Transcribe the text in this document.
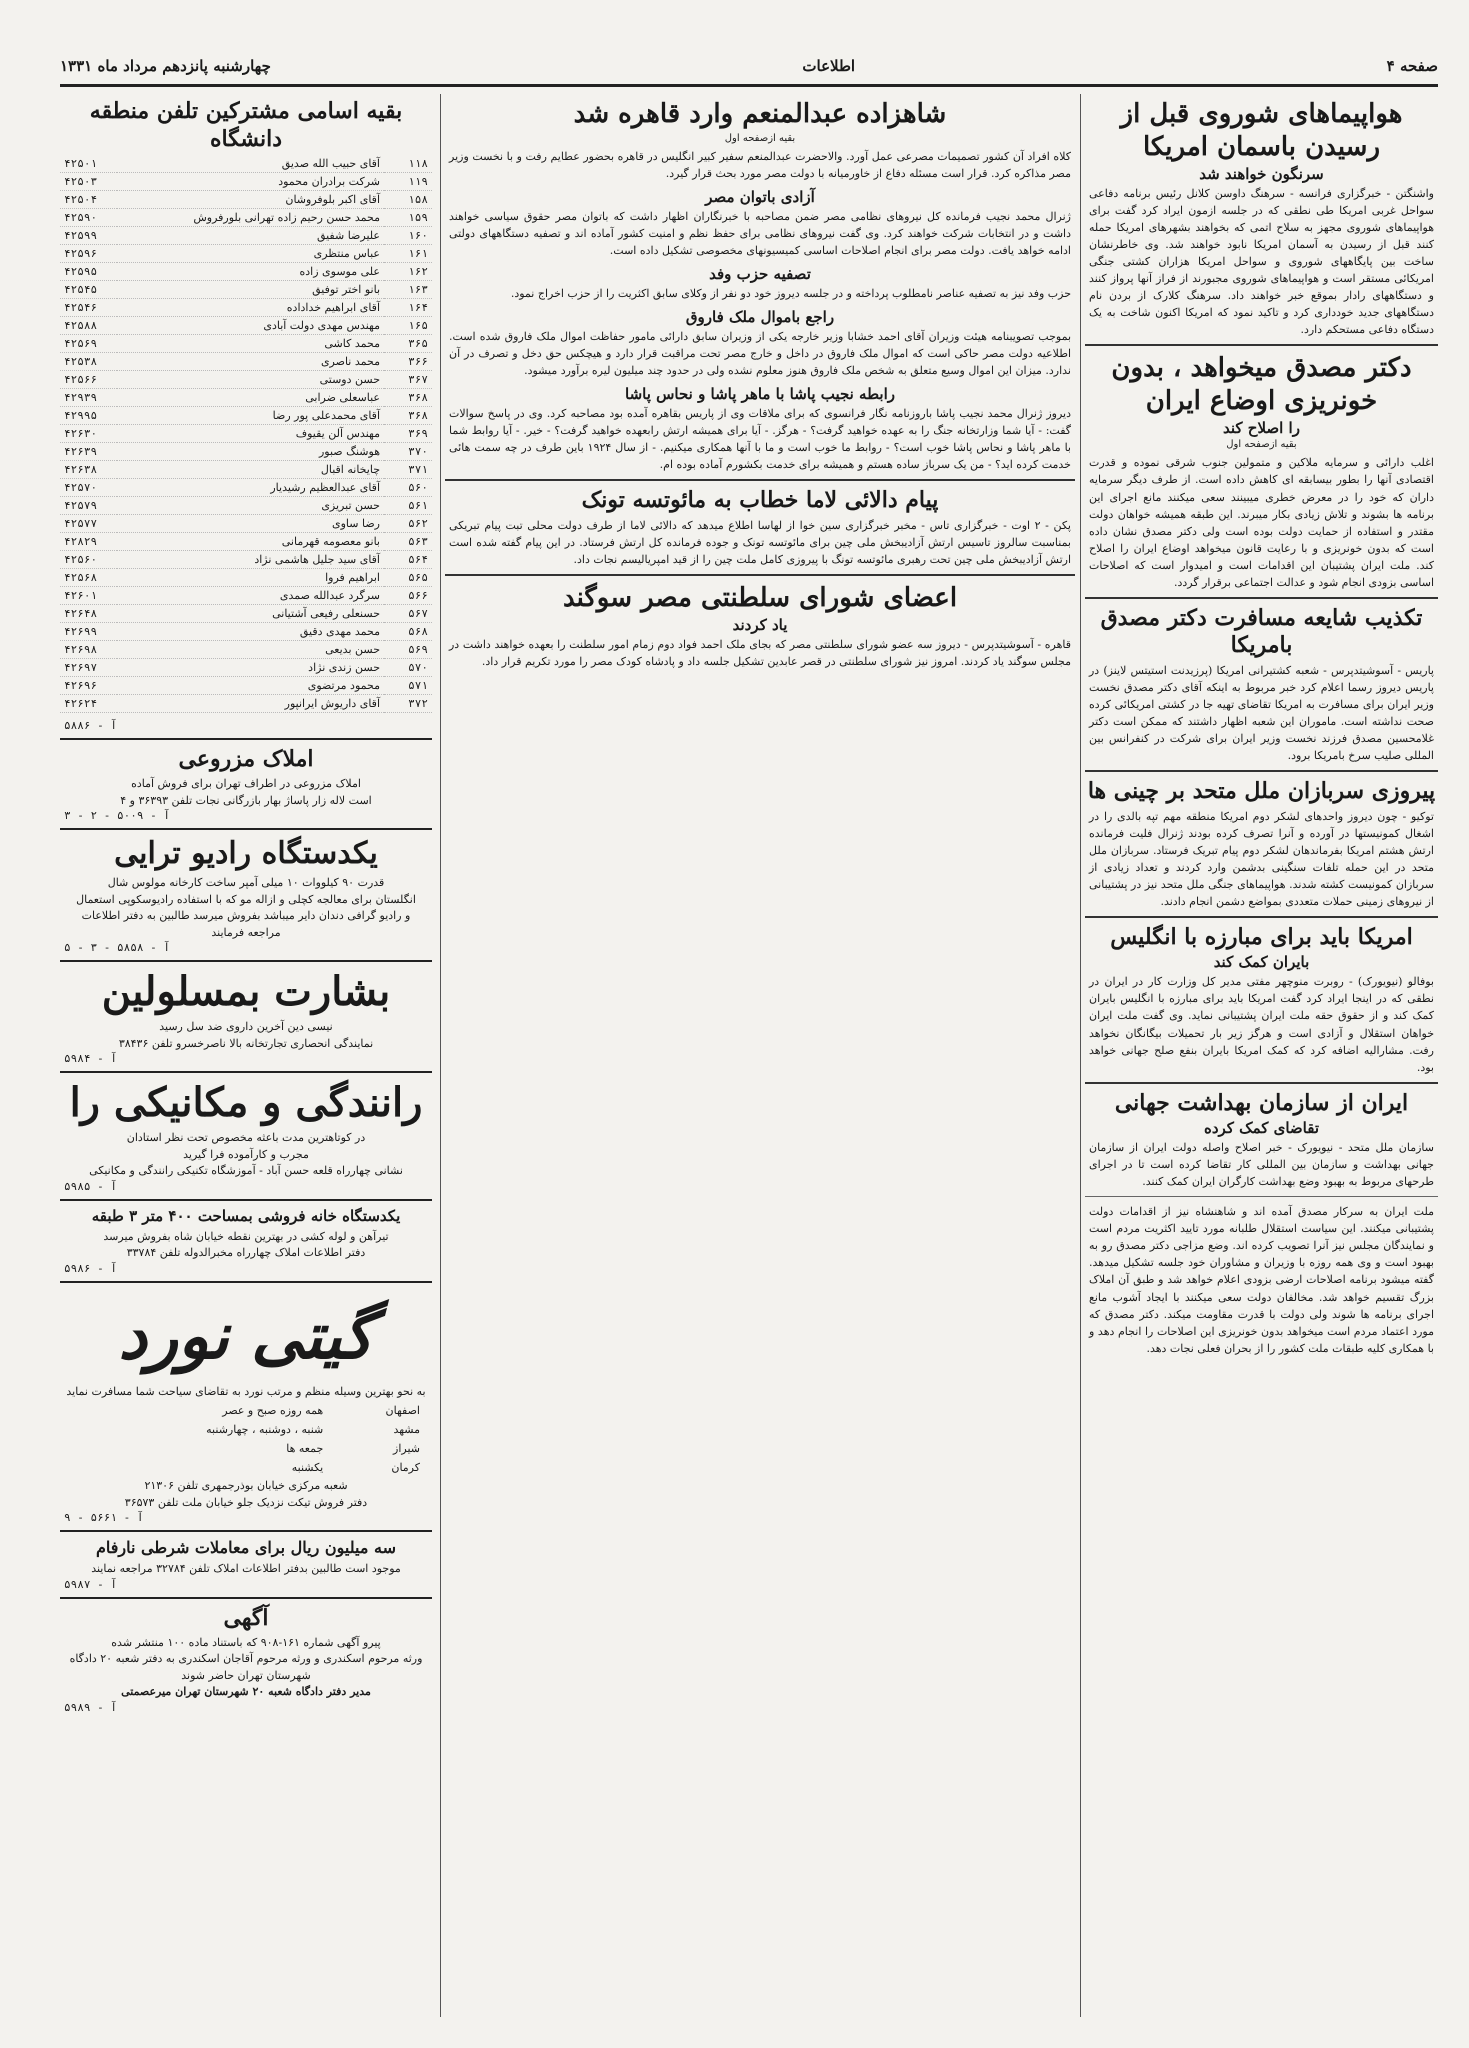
چهارشنبه پانزدهم مرداد ماه ۱۳۳۱	اطلاعات	صفحه ۴
هواپیماهای شوروی قبل از رسیدن باسمان امریکا
سرنگون خواهند شد
واشنگتن - خبرگزاری فرانسه - سرهنگ داوسن کلانل رئیس برنامه دفاعی سواحل غربی امریکا طی نطقی که در جلسه ازمون ایراد کرد گفت برای هواپیماهای شوروی مجهز به سلاح اتمی که بخواهند بشهرهای امریکا حمله کنند قبل از رسیدن به آسمان امریکا نابود خواهند شد. وی خاطرنشان ساخت بین پایگاههای شوروی و سواحل امریکا هزاران کشتی جنگی امریکائی مستقر است و هواپیماهای شوروی مجبورند از فراز آنها پرواز کنند و دستگاههای رادار بموقع خبر خواهند داد. سرهنگ کلارک از بردن نام دستگاههای جدید خودداری کرد و تاکید نمود که امریکا اکنون شاخت به یک دستگاه دفاعی مستحکم دارد.
دکتر مصدق میخواهد ، بدون خونریزی اوضاع ایران
را اصلاح کند
بقیه ازصفحه اول
اغلب دارائی و سرمایه ملاکین و متمولین جنوب شرقی نموده و قدرت اقتصادی آنها را بطور بیسابقه ای کاهش داده است. از طرف دیگر سرمایه داران که خود را در معرض خطری میبینند سعی میکنند مانع اجرای این برنامه ها بشوند و تلاش زیادی بکار میبرند. این طبقه همیشه خواهان دولت مقتدر و استفاده از حمایت دولت بوده است ولی دکتر مصدق نشان داده است که بدون خونریزی و با رعایت قانون میخواهد اوضاع ایران را اصلاح کند. ملت ایران پشتیبان این اقدامات است و امیدوار است که اصلاحات اساسی بزودی انجام شود و عدالت اجتماعی برقرار گردد.
تکذیب شایعه مسافرت دکتر مصدق بامریکا
پاریس - آسوشیتدپرس - شعبه کشتیرانی امریکا (پرزیدنت استیتس لاینز) در پاریس دیروز رسما اعلام کرد خبر مربوط به اینکه آقای دکتر مصدق نخست وزیر ایران برای مسافرت به امریکا تقاضای تهیه جا در کشتی امریکائی کرده صحت نداشته است. ماموران این شعبه اظهار داشتند که ممکن است دکتر غلامحسین مصدق فرزند نخست وزیر ایران برای شرکت در کنفرانس بین المللی صلیب سرخ بامریکا برود.
پیروزی سربازان ملل متحد بر چینی ها
توکیو - چون دیروز واحدهای لشکر دوم امریکا منطقه مهم تپه بالدی را در اشغال کمونیستها در آورده و آنرا تصرف کرده بودند ژنرال فلیت فرمانده ارتش هشتم امریکا بفرماندهان لشکر دوم پیام تبریک فرستاد. سربازان ملل متحد در این حمله تلفات سنگینی بدشمن وارد کردند و تعداد زیادی از سربازان کمونیست کشته شدند. هواپیماهای جنگی ملل متحد نیز در پشتیبانی از نیروهای زمینی حملات متعددی بمواضع دشمن انجام دادند.
امریکا باید برای مبارزه با انگلیس
بایران کمک کند
بوفالو (نیویورک) - روبرت منوچهر مفتی مدیر کل وزارت کار در ایران در نطقی که در اینجا ایراد کرد گفت امریکا باید برای مبارزه با انگلیس بایران کمک کند و از حقوق حقه ملت ایران پشتیبانی نماید. وی گفت ملت ایران خواهان استقلال و آزادی است و هرگز زیر بار تحمیلات بیگانگان نخواهد رفت. مشارالیه اضافه کرد که کمک امریکا بایران بنفع صلح جهانی خواهد بود.
ایران از سازمان بهداشت جهانی
تقاضای کمک کرده
سازمان ملل متحد - نیویورک - خبر اصلاح واصله دولت ایران از سازمان جهانی بهداشت و سازمان بین المللی کار تقاضا کرده است تا در اجرای طرحهای مربوط به بهبود وضع بهداشت کارگران ایران کمک کنند.
ملت ایران به سرکار مصدق آمده اند و شاهنشاه نیز از اقدامات دولت پشتیبانی میکنند. این سیاست استقلال طلبانه مورد تایید اکثریت مردم است و نمایندگان مجلس نیز آنرا تصویب کرده اند. وضع مزاجی دکتر مصدق رو به بهبود است و وی همه روزه با وزیران و مشاوران خود جلسه تشکیل میدهد. گفته میشود برنامه اصلاحات ارضی بزودی اعلام خواهد شد و طبق آن املاک بزرگ تقسیم خواهد شد. مخالفان دولت سعی میکنند با ایجاد آشوب مانع اجرای برنامه ها شوند ولی دولت با قدرت مقاومت میکند. دکتر مصدق که مورد اعتماد مردم است میخواهد بدون خونریزی این اصلاحات را انجام دهد و با همکاری کلیه طبقات ملت کشور را از بحران فعلی نجات دهد.
شاهزاده عبدالمنعم وارد قاهره شد
بقیه ازصفحه اول
کلاه افراد آن کشور تصمیمات مصرعی عمل آورد. والاحضرت عبدالمنعم سفیر کبیر انگلیس در قاهره بحضور عطایم رفت و با نخست وزیر مصر مذاکره کرد. قرار است مسئله دفاع از خاورمیانه با دولت مصر مورد بحث قرار گیرد.
آزادی باتوان مصر
ژنرال محمد نجیب فرمانده کل نیروهای نظامی مصر ضمن مصاحبه با خبرنگاران اظهار داشت که باتوان مصر حقوق سیاسی خواهند داشت و در انتخابات شرکت خواهند کرد. وی گفت نیروهای نظامی برای حفظ نظم و امنیت کشور آماده اند و تصفیه دستگاههای دولتی ادامه خواهد یافت. دولت مصر برای انجام اصلاحات اساسی کمیسیونهای مخصوصی تشکیل داده است.
تصفیه حزب وفد
حزب وفد نیز به تصفیه عناصر نامطلوب پرداخته و در جلسه دیروز خود دو نفر از وکلای سابق اکثریت را از حزب اخراج نمود.
راجع باموال ملک فاروق
بموجب تصویبنامه هیئت وزیران آقای احمد خشابا وزیر خارجه یکی از وزیران سابق دارائی مامور حفاظت اموال ملک فاروق شده است. اطلاعیه دولت مصر حاکی است که اموال ملک فاروق در داخل و خارج مصر تحت مراقبت قرار دارد و هیچکس حق دخل و تصرف در آن ندارد. میزان این اموال وسیع متعلق به شخص ملک فاروق هنوز معلوم نشده ولی در حدود چند میلیون لیره برآورد میشود.
رابطه نجیب پاشا با ماهر پاشا و نحاس پاشا
دیروز ژنرال محمد نجیب پاشا باروزنامه نگار فرانسوی که برای ملاقات وی از پاریس بقاهره آمده بود مصاحبه کرد. وی در پاسخ سوالات گفت: - آیا شما وزارتخانه جنگ را به عهده خواهید گرفت؟ - هرگز. - آیا برای همیشه ارتش رابعهده خواهید گرفت؟ - خیر. - آیا روابط شما با ماهر پاشا و نحاس پاشا خوب است؟ - روابط ما خوب است و ما با آنها همکاری میکنیم. - از سال ۱۹۲۴ باین طرف در چه سمت هائی خدمت کرده اید؟ - من یک سرباز ساده هستم و همیشه برای خدمت بکشورم آماده بوده ام.
پیام دالائی لاما خطاب به مائوتسه تونک
پکن - ۲ اوت - خبرگزاری تاس - مخبر خبرگزاری سین خوا از لهاسا اطلاع میدهد که دالائی لاما از طرف دولت محلی تبت پیام تبریکی بمناسبت سالروز تاسیس ارتش آزادیبخش ملی چین برای مائوتسه تونک و جوده فرمانده کل ارتش فرستاد. در این پیام گفته شده است ارتش آزادیبخش ملی چین تحت رهبری مائوتسه تونگ با پیروزی کامل ملت چین را از قید امپریالیسم نجات داد.
اعضای شورای سلطنتی مصر سوگند
یاد کردند
قاهره - آسوشیتدپرس - دیروز سه عضو شورای سلطنتی مصر که بجای ملک احمد فواد دوم زمام امور سلطنت را بعهده خواهند داشت در مجلس سوگند یاد کردند. امروز نیز شورای سلطنتی در قصر عابدین تشکیل جلسه داد و پادشاه کودک مصر را مورد تکریم قرار داد.
بقیه اسامی مشترکین تلفن منطقه دانشگاه
۱۱۸	آقای حبیب الله صدیق	۴۲۵۰۱
۱۱۹	شرکت برادران محمود	۴۲۵۰۳
۱۵۸	آقای اکبر بلوفروشان	۴۲۵۰۴
۱۵۹	محمد حسن رحیم زاده تهرانی بلورفروش	۴۲۵۹۰
۱۶۰	علیرضا شفیق	۴۲۵۹۹
۱۶۱	عباس منتظری	۴۲۵۹۶
۱۶۲	علی موسوی زاده	۴۲۵۹۵
۱۶۳	بانو اختر توفیق	۴۲۵۴۵
۱۶۴	آقای ابراهیم خداداده	۴۲۵۴۶
۱۶۵	مهندس مهدی دولت آبادی	۴۲۵۸۸
۳۶۵	محمد کاشی	۴۲۵۶۹
۳۶۶	محمد ناصری	۴۲۵۳۸
۳۶۷	حسن دوستی	۴۲۵۶۶
۳۶۸	عباسعلی ضرابی	۴۲۹۳۹
۳۶۸	آقای محمدعلی پور رضا	۴۲۹۹۵
۳۶۹	مهندس آلن یقیوف	۴۲۶۳۰
۳۷۰	هوشنگ صبور	۴۲۶۳۹
۳۷۱	چایخانه اقبال	۴۲۶۳۸
۵۶۰	آقای عبدالعظیم رشیدیار	۴۲۵۷۰
۵۶۱	حسن تبریزی	۴۲۵۷۹
۵۶۲	رضا ساوی	۴۲۵۷۷
۵۶۳	بانو معصومه قهرمانی	۴۲۸۲۹
۵۶۴	آقای سید جلیل هاشمی نژاد	۴۲۵۶۰
۵۶۵	ابراهیم فروا	۴۲۵۶۸
۵۶۶	سرگرد عبدالله صمدی	۴۲۶۰۱
۵۶۷	حسنعلی رفیعی آشتیانی	۴۲۶۴۸
۵۶۸	محمد مهدی دقیق	۴۲۶۹۹
۵۶۹	حسن بدیعی	۴۲۶۹۸
۵۷۰	حسن زندی نژاد	۴۲۶۹۷
۵۷۱	محمود مرتضوی	۴۲۶۹۶
۳۷۲	آقای داریوش ایرانپور	۴۲۶۲۴
آ - ۵۸۸۶
املاک مزروعی
املاک مزروعی در اطراف تهران برای فروش آماده
است لاله زار پاساژ بهار بازرگانی نجات تلفن ۳۶۳۹۳ و ۴
آ - ۵۰۰۹ - ۲ - ۳
یکدستگاه رادیو ترایی
قدرت ۹۰ کیلووات ۱۰ میلی آمپر ساخت کارخانه مولوس شال
انگلستان برای معالجه کچلی و ازاله مو که با استفاده رادیوسکوپی استعمال
و رادیو گرافی دندان دایر میباشد بفروش میرسد طالبین به دفتر اطلاعات مراجعه فرمایند
آ - ۵۸۵۸ - ۳ - ۵
بشارت بمسلولین
نیسی دین آخرین داروی ضد سل رسید
نمایندگی انحصاری تجارتخانه بالا ناصرخسرو تلفن ۳۸۴۳۶
آ - ۵۹۸۴
رانندگی و مکانیکی را
در کوتاهترین مدت باعثه مخصوص تحت نظر استادان
مجرب و کارآموده فرا گیرید
نشانی چهارراه قلعه حسن آباد - آموزشگاه تکنیکی رانندگی و مکانیکی
آ - ۵۹۸۵
یکدستگاه خانه فروشی بمساحت ۴۰۰ متر ۳ طبقه
تیرآهن و لوله کشی در بهترین نقطه خیابان شاه بفروش میرسد
دفتر اطلاعات املاک چهارراه مخبرالدوله تلفن ۳۳۷۸۴
آ - ۵۹۸۶
گیتی نورد
به نحو بهترین وسیله منظم و مرتب نورد به تقاضای سیاحت شما مسافرت نماید
اصفهان	همه روزه صبح و عصر
مشهد	شنبه ، دوشنبه ، چهارشنبه
شیراز	جمعه ها
کرمان	یکشنبه
شعبه مرکزی خیابان بوذرجمهری تلفن ۲۱۳۰۶
دفتر فروش تیکت نزدیک جلو خیابان ملت تلفن ۳۶۵۷۳
آ - ۵۶۶۱ - ۹
سه میلیون ریال برای معاملات شرطی نارفام
موجود است طالبین بدفتر اطلاعات املاک تلفن ۳۲۷۸۴ مراجعه نمایند
آ - ۵۹۸۷
آگهی
پیرو آگهی شماره ۱۶۱-۹۰۸ که باستناد ماده ۱۰۰ منتشر شده
ورثه مرحوم اسکندری و ورثه مرحوم آقاجان اسکندری به دفتر شعبه ۲۰ دادگاه
شهرستان تهران حاضر شوند
مدیر دفتر دادگاه شعبه ۲۰ شهرستان تهران میرعصمتی
آ - ۵۹۸۹
